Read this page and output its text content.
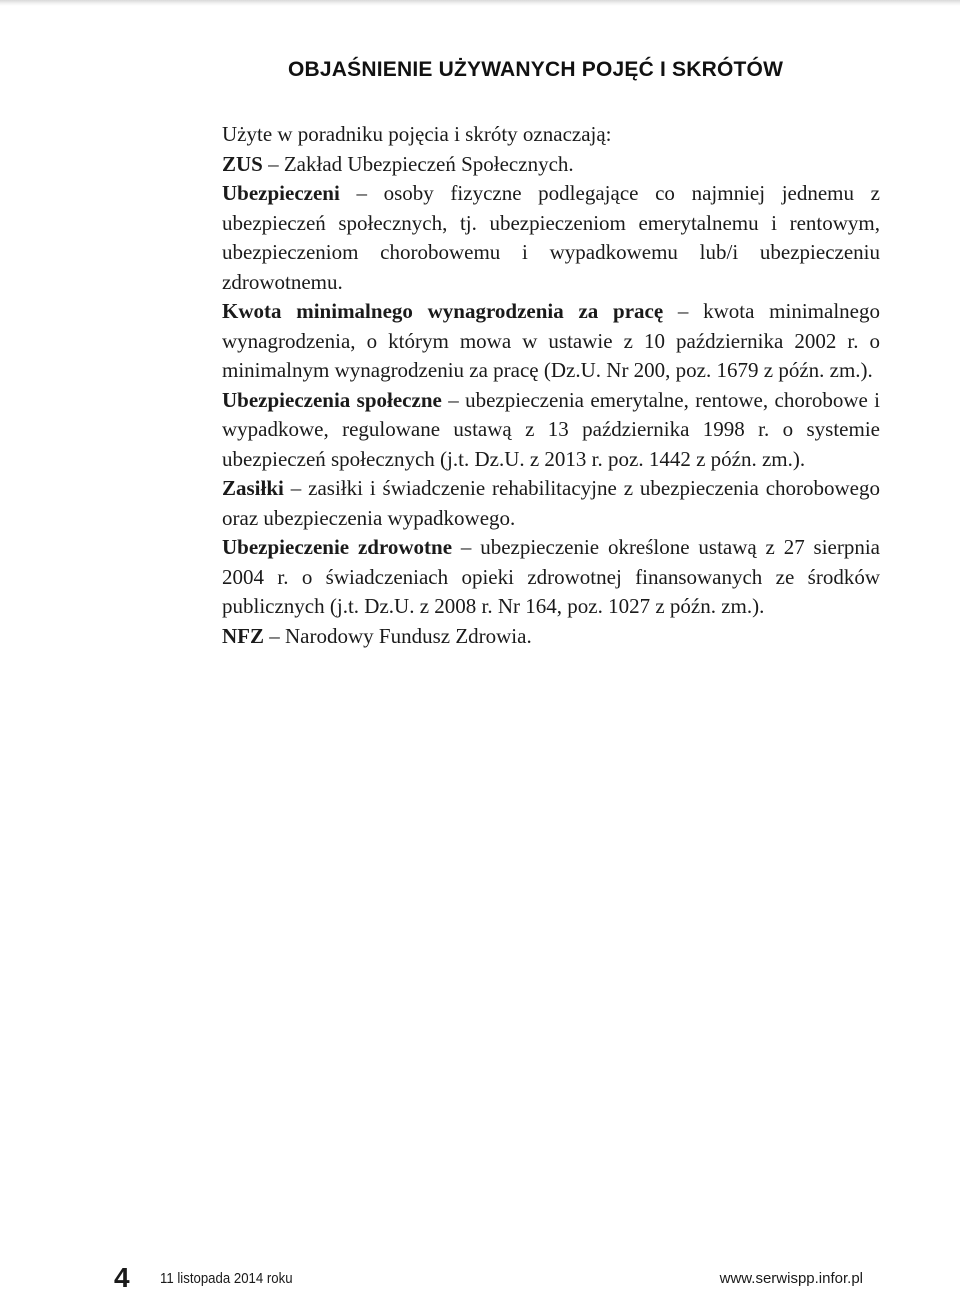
OBJAŚNIENIE UŻYWANYCH POJĘĆ I SKRÓTÓW

Użyte w poradniku pojęcia i skróty oznaczają:

ZUS – Zakład Ubezpieczeń Społecznych.

Ubezpieczeni – osoby fizyczne podlegające co najmniej jednemu z ubezpieczeń społecznych, tj. ubezpieczeniom emerytalnemu i rentowym, ubezpieczeniom chorobowemu i wypadkowemu lub/i ubezpieczeniu zdrowotnemu.

Kwota minimalnego wynagrodzenia za pracę – kwota minimalnego wynagrodzenia, o którym mowa w ustawie z 10 października 2002 r. o minimalnym wynagrodzeniu za pracę (Dz.U. Nr 200, poz. 1679 z późn. zm.).

Ubezpieczenia społeczne – ubezpieczenia emerytalne, rentowe, chorobowe i wypadkowe, regulowane ustawą z 13 października 1998 r. o systemie ubezpieczeń społecznych (j.t. Dz.U. z 2013 r. poz. 1442 z późn. zm.).

Zasiłki – zasiłki i świadczenie rehabilitacyjne z ubezpieczenia chorobowego oraz ubezpieczenia wypadkowego.

Ubezpieczenie zdrowotne – ubezpieczenie określone ustawą z 27 sierpnia 2004 r. o świadczeniach opieki zdrowotnej finansowanych ze środków publicznych (j.t. Dz.U. z 2008 r. Nr 164, poz. 1027 z późn. zm.).

NFZ – Narodowy Fundusz Zdrowia.

4 11 listopada 2014 roku	www.serwispp.infor.pl
